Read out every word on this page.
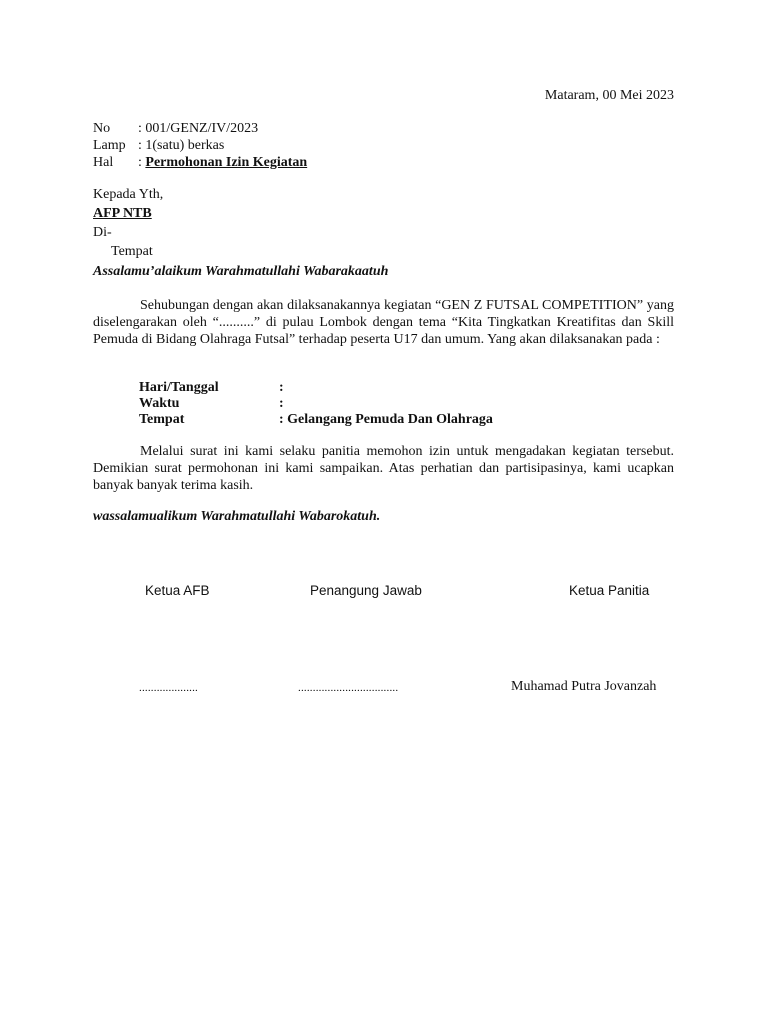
Mataram, 00 Mei 2023
No : 001/GENZ/IV/2023
Lamp : 1(satu) berkas
Hal : Permohonan Izin Kegiatan
Kepada Yth,
AFP NTB
Di-
Tempat
Assalamu’alaikum Warahmatullahi Wabarakaatuh
Sehubungan dengan akan dilaksanakannya kegiatan “GEN Z FUTSAL COMPETITION” yang diselengarakan oleh “..........” di pulau Lombok dengan tema “Kita Tingkatkan Kreatifitas dan Skill Pemuda di Bidang Olahraga Futsal” terhadap peserta U17 dan umum. Yang akan dilaksanakan pada :
Hari/Tanggal	:
Waktu	:
Tempat	: Gelangang Pemuda Dan Olahraga
Melalui surat ini kami selaku panitia memohon izin untuk mengadakan kegiatan tersebut. Demikian surat permohonan ini kami sampaikan. Atas perhatian dan partisipasinya, kami ucapkan banyak banyak terima kasih.
wassalamualikum Warahmatullahi Wabarokatuh.
Ketua AFB	Penangung Jawab	Ketua Panitia
....................	..................................	Muhamad Putra Jovanzah
